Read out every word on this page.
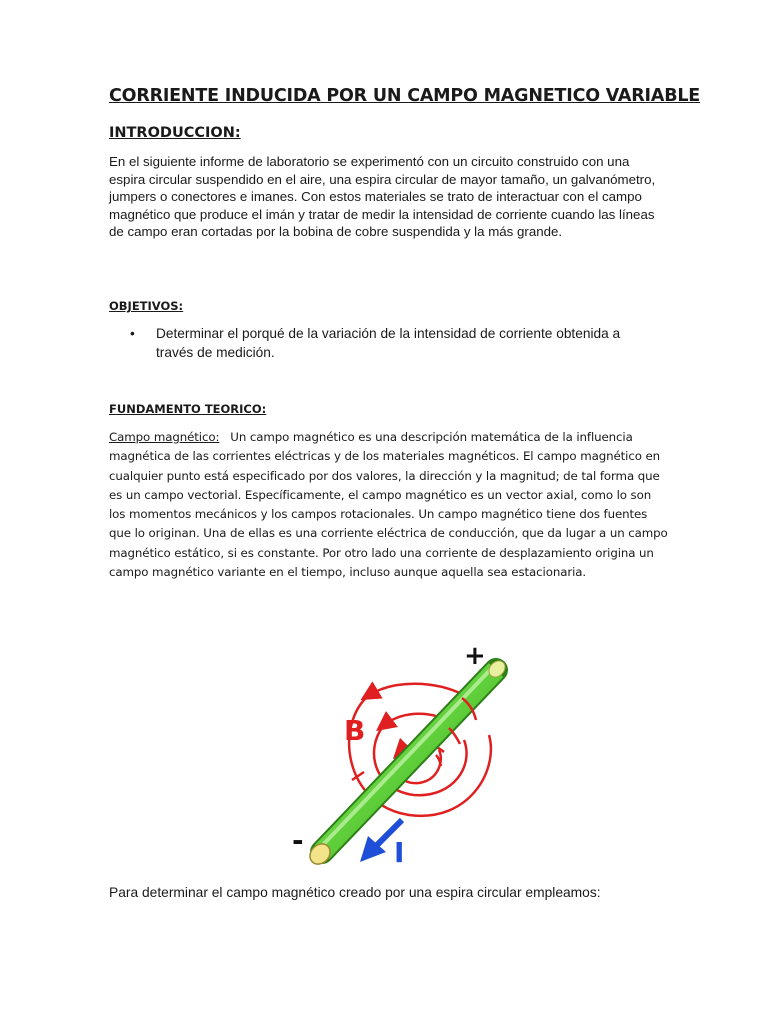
CORRIENTE INDUCIDA POR UN CAMPO MAGNETICO VARIABLE
INTRODUCCION:

En el siguiente informe de laboratorio se experimentó con un circuito construido con una espira circular suspendido en el aire, una espira circular de mayor tamaño, un galvanómetro, jumpers o conectores e imanes. Con estos materiales se trato de interactuar con el campo magnético que produce el imán y tratar de medir la intensidad de corriente cuando las líneas de campo eran cortadas por la bobina de cobre suspendida y la más grande.

OBJETIVOS:
• Determinar el porqué de la variación de la intensidad de corriente obtenida a través de medición.
FUNDAMENTO TEORICO:

Campo magnético: Un campo magnético es una descripción matemática de la influencia magnética de las corrientes eléctricas y de los materiales magnéticos. El campo magnético en cualquier punto está especificado por dos valores, la dirección y la magnitud; de tal forma que es un campo vectorial. Específicamente, el campo magnético es un vector axial, como lo son los momentos mecánicos y los campos rotacionales. Un campo magnético tiene dos fuentes que lo originan. Una de ellas es una corriente eléctrica de conducción, que da lugar a un campo magnético estático, si es constante. Por otro lado una corriente de desplazamiento origina un campo magnético variante en el tiempo, incluso aunque aquella sea estacionaria.

+
-
B
I

Para determinar el campo magnético creado por una espira circular empleamos:
